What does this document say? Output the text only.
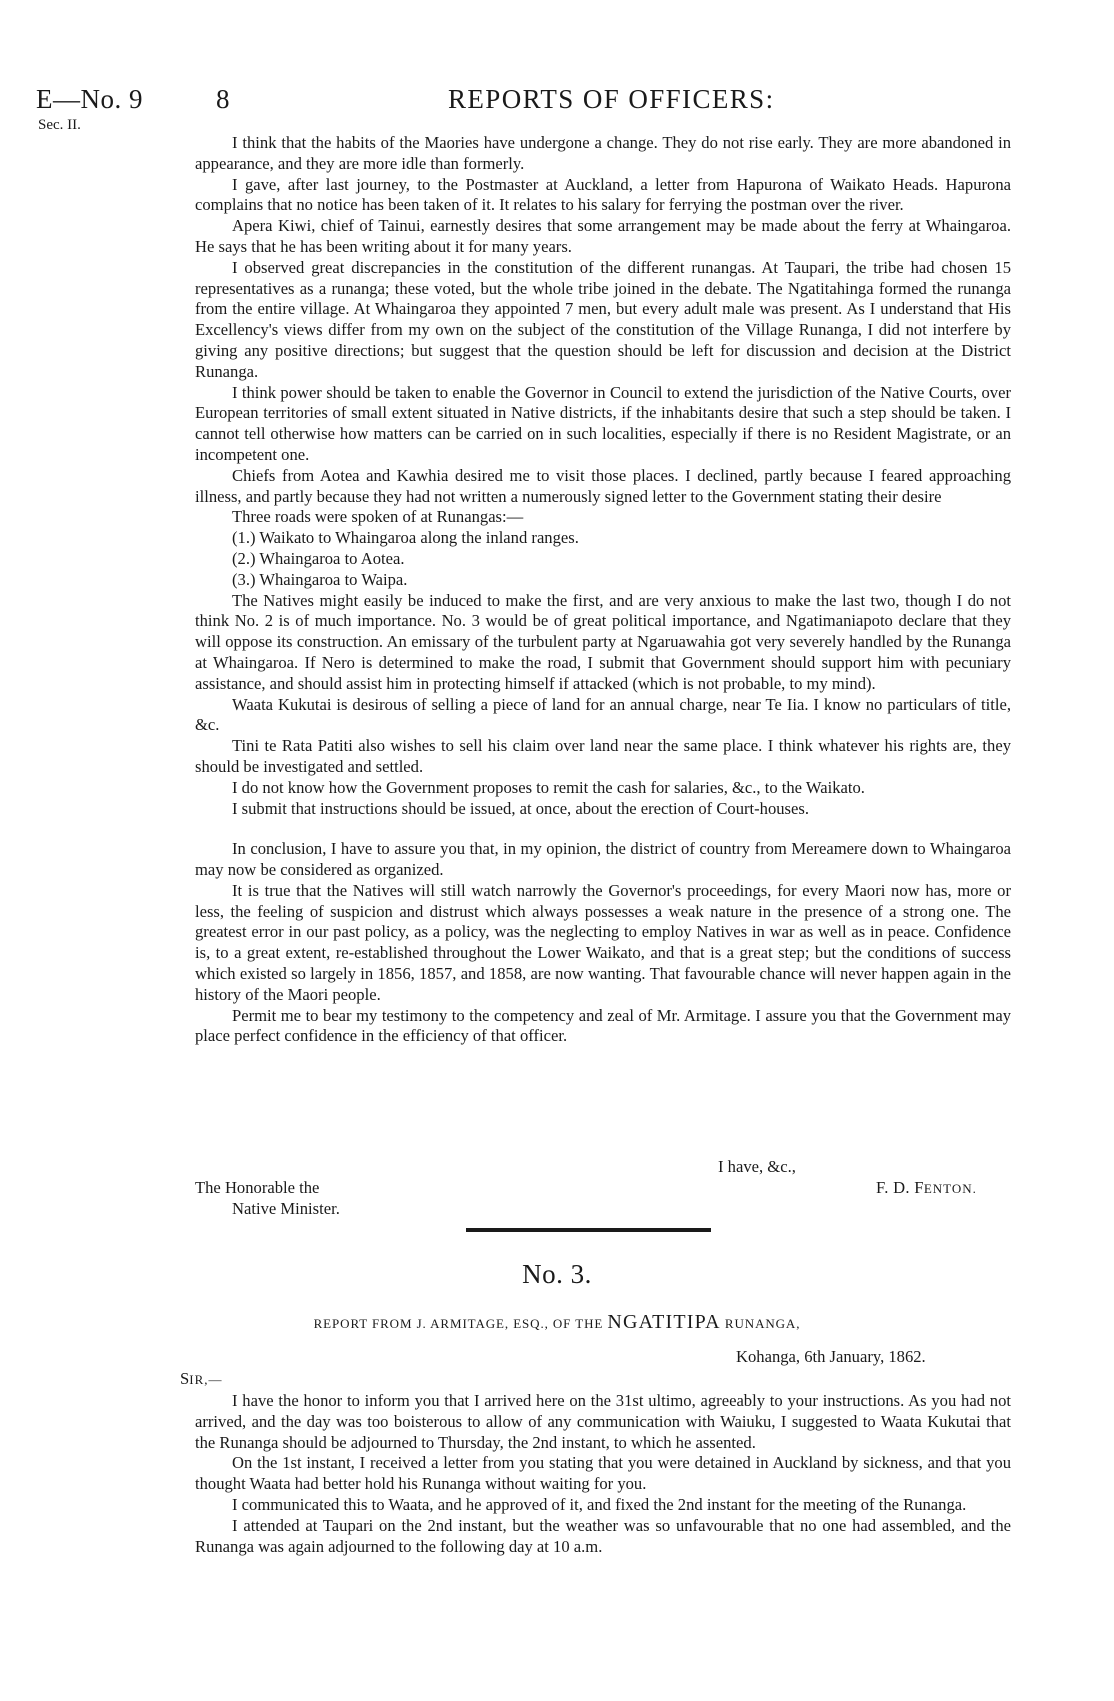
E—No. 9
Sec. II.
8	REPORTS OF OFFICERS:

I think that the habits of the Maories have undergone a change. They do not rise early. They are more abandoned in appearance, and they are more idle than formerly.

I gave, after last journey, to the Postmaster at Auckland, a letter from Hapurona of Waikato Heads. Hapurona complains that no notice has been taken of it. It relates to his salary for ferrying the postman over the river.

Apera Kiwi, chief of Tainui, earnestly desires that some arrangement may be made about the ferry at Whaingaroa. He says that he has been writing about it for many years.

I observed great discrepancies in the constitution of the different runangas. At Taupari, the tribe had chosen 15 representatives as a runanga; these voted, but the whole tribe joined in the debate. The Ngatitahinga formed the runanga from the entire village. At Whaingaroa they appointed 7 men, but every adult male was present. As I understand that His Excellency's views differ from my own on the subject of the constitution of the Village Runanga, I did not interfere by giving any positive directions; but suggest that the question should be left for discussion and decision at the District Runanga.

I think power should be taken to enable the Governor in Council to extend the jurisdiction of the Native Courts, over European territories of small extent situated in Native districts, if the inhabitants desire that such a step should be taken. I cannot tell otherwise how matters can be carried on in such localities, especially if there is no Resident Magistrate, or an incompetent one.

Chiefs from Aotea and Kawhia desired me to visit those places. I declined, partly because I feared approaching illness, and partly because they had not written a numerously signed letter to the Government stating their desire

Three roads were spoken of at Runangas:—

(1.) Waikato to Whaingaroa along the inland ranges.

(2.) Whaingaroa to Aotea.

(3.) Whaingaroa to Waipa.

The Natives might easily be induced to make the first, and are very anxious to make the last two, though I do not think No. 2 is of much importance. No. 3 would be of great political importance, and Ngatimaniapoto declare that they will oppose its construction. An emissary of the turbulent party at Ngaruawahia got very severely handled by the Runanga at Whaingaroa. If Nero is determined to make the road, I submit that Government should support him with pecuniary assistance, and should assist him in protecting himself if attacked (which is not probable, to my mind).

Waata Kukutai is desirous of selling a piece of land for an annual charge, near Te Iia. I know no particulars of title, &c.

Tini te Rata Patiti also wishes to sell his claim over land near the same place. I think whatever his rights are, they should be investigated and settled.

I do not know how the Government proposes to remit the cash for salaries, &c., to the Waikato.

I submit that instructions should be issued, at once, about the erection of Court-houses.

In conclusion, I have to assure you that, in my opinion, the district of country from Mereamere down to Whaingaroa may now be considered as organized.

It is true that the Natives will still watch narrowly the Governor's proceedings, for every Maori now has, more or less, the feeling of suspicion and distrust which always possesses a weak nature in the presence of a strong one. The greatest error in our past policy, as a policy, was the neglecting to employ Natives in war as well as in peace. Confidence is, to a great extent, re-established throughout the Lower Waikato, and that is a great step; but the conditions of success which existed so largely in 1856, 1857, and 1858, are now wanting. That favourable chance will never happen again in the history of the Maori people.

Permit me to bear my testimony to the competency and zeal of Mr. Armitage. I assure you that the Government may place perfect confidence in the efficiency of that officer.

I have, &c.,
The Honorable the
Native Minister.
F. D. FENTON.
No. 3.
REPORT FROM J. ARMITAGE, ESQ., OF THE NGATITIPA RUNANGA,
Kohanga, 6th January, 1862.
SIR,—

I have the honor to inform you that I arrived here on the 31st ultimo, agreeably to your instructions. As you had not arrived, and the day was too boisterous to allow of any communication with Waiuku, I suggested to Waata Kukutai that the Runanga should be adjourned to Thursday, the 2nd instant, to which he assented.

On the 1st instant, I received a letter from you stating that you were detained in Auckland by sickness, and that you thought Waata had better hold his Runanga without waiting for you.

I communicated this to Waata, and he approved of it, and fixed the 2nd instant for the meeting of the Runanga.

I attended at Taupari on the 2nd instant, but the weather was so unfavourable that no one had assembled, and the Runanga was again adjourned to the following day at 10 a.m.
